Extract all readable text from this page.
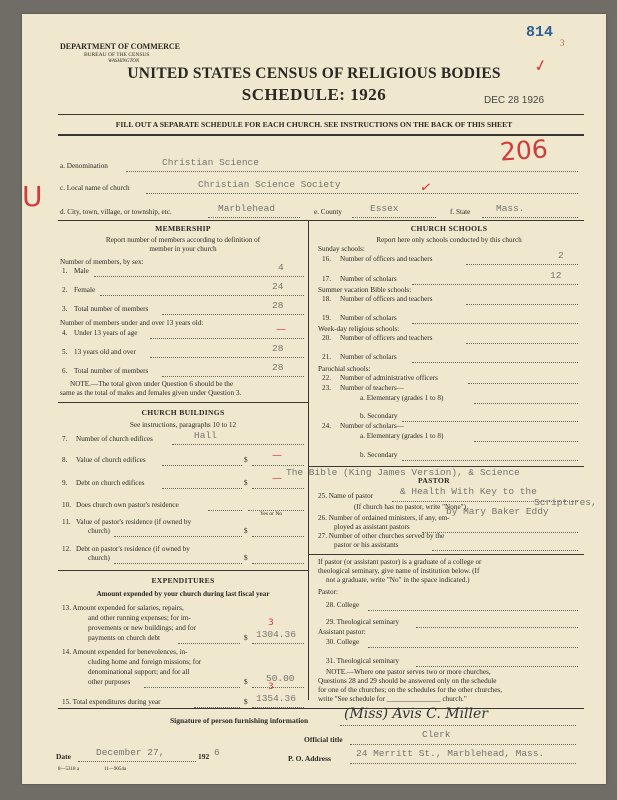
814
3
✓
DEPARTMENT OF COMMERCE
BUREAU OF THE CENSUS
WASHINGTON
UNITED STATES CENSUS OF RELIGIOUS BODIES
SCHEDULE: 1926	DEC 28 1926
FILL OUT A SEPARATE SCHEDULE FOR EACH CHURCH. SEE INSTRUCTIONS ON THE BACK OF THIS SHEET
206
U
a. Denomination	Christian Science
c. Local name of church	Christian Science Society	✓
d. City, town, village, or township, etc.	Marblehead	e. County	Essex	f. State	Mass.
MEMBERSHIP
Report number of members according to definition of
member in your church
Number of members, by sex:
1. Male	4
2. Female	24
3. Total number of members	28
Number of members under and over 13 years old:
4. Under 13 years of age	—
5. 13 years old and over	28
6. Total number of members	28
NOTE.—The total given under Question 6 should be the
same as the total of males and females given under Question 3.
CHURCH BUILDINGS
See instructions, paragraphs 10 to 12
7. Number of church edifices	Hall
8. Value of church edifices	$ —
9. Debt on church edifices	$ —
10. Does church own pastor's residence
Yes or No
11. Value of pastor's residence (if owned by
church)	$
12. Debt on pastor's residence (if owned by
church)	$
EXPENDITURES
Amount expended by your church during last fiscal year
13. Amount expended for salaries, repairs,
and other running expenses; for im-
provements or new buildings; and for
payments on church debt	$ 1304.36
3
14. Amount expended for benevolences, in-
cluding home and foreign missions; for
denominational support; and for all
other purposes	$ 50.00
15. Total expenditures during year	$ 1354.36
3
CHURCH SCHOOLS
Report here only schools conducted by this church
Sunday schools:
16. Number of officers and teachers	2
17. Number of scholars	12
Summer vacation Bible schools:
18. Number of officers and teachers
19. Number of scholars
Week-day religious schools:
20. Number of officers and teachers
21. Number of scholars
Parochial schools:
22. Number of administrative officers
23. Number of teachers—
a. Elementary (grades 1 to 8)
b. Secondary
24. Number of scholars—
a. Elementary (grades 1 to 8)
b. Secondary
The Bible (King James Version), & Science
PASTOR
25. Name of pastor	& Health With Key to the
(If church has no pastor, write "None")	Scriptures,
by Mary Baker Eddy
26. Number of ordained ministers, if any, em-
ployed as assistant pastors
27. Number of other churches served by the
pastor or his assistants
If pastor (or assistant pastor) is a graduate of a college or
theological seminary, give name of institution below. (If
not a graduate, write "No" in the space indicated.)
Pastor:
28. College
29. Theological seminary
Assistant pastor:
30. College
31. Theological seminary
NOTE.—Where one pastor serves two or more churches,
Questions 28 and 29 should be answered only on the schedule
for one of the churches; on the schedules for the other churches,
write "See schedule for _______________ church."
Signature of person furnishing information	(Miss) Avis C. Miller
Official title	Clerk
Date	December 27,	192 6
P. O. Address	24 Merritt St., Marblehead, Mass.
8—5318 a	11—9054a
